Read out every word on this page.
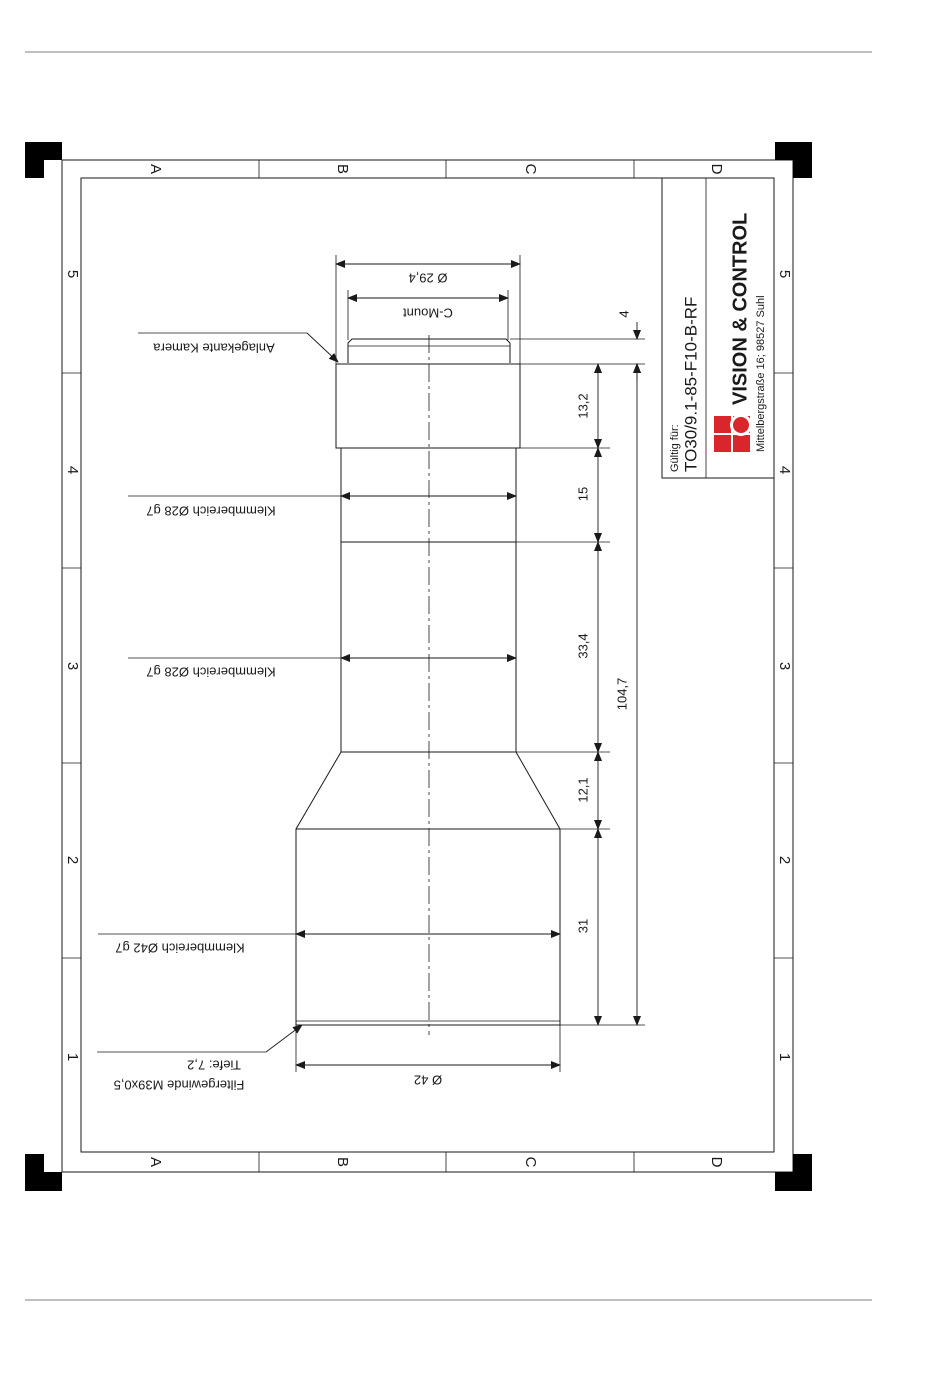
A	B	C	D
A	B	C	D
1
2
3
4
5
1
2
3
4
5
Ø 29,4
C-Mount	4
13,2
15
33,4
12,1
31
104,7
Anlagekante Kamera
Klemmbereich Ø28 g7
Klemmbereich Ø28 g7
Klemmbereich Ø42 g7
Tiefe: 7,2
Filtergewinde M39x0,5	Ø 42
Gültig für: TO30/9.1-85-F10-B-RF VISION & CONTROL Mittelbergstraße 16; 98527 Suhl
